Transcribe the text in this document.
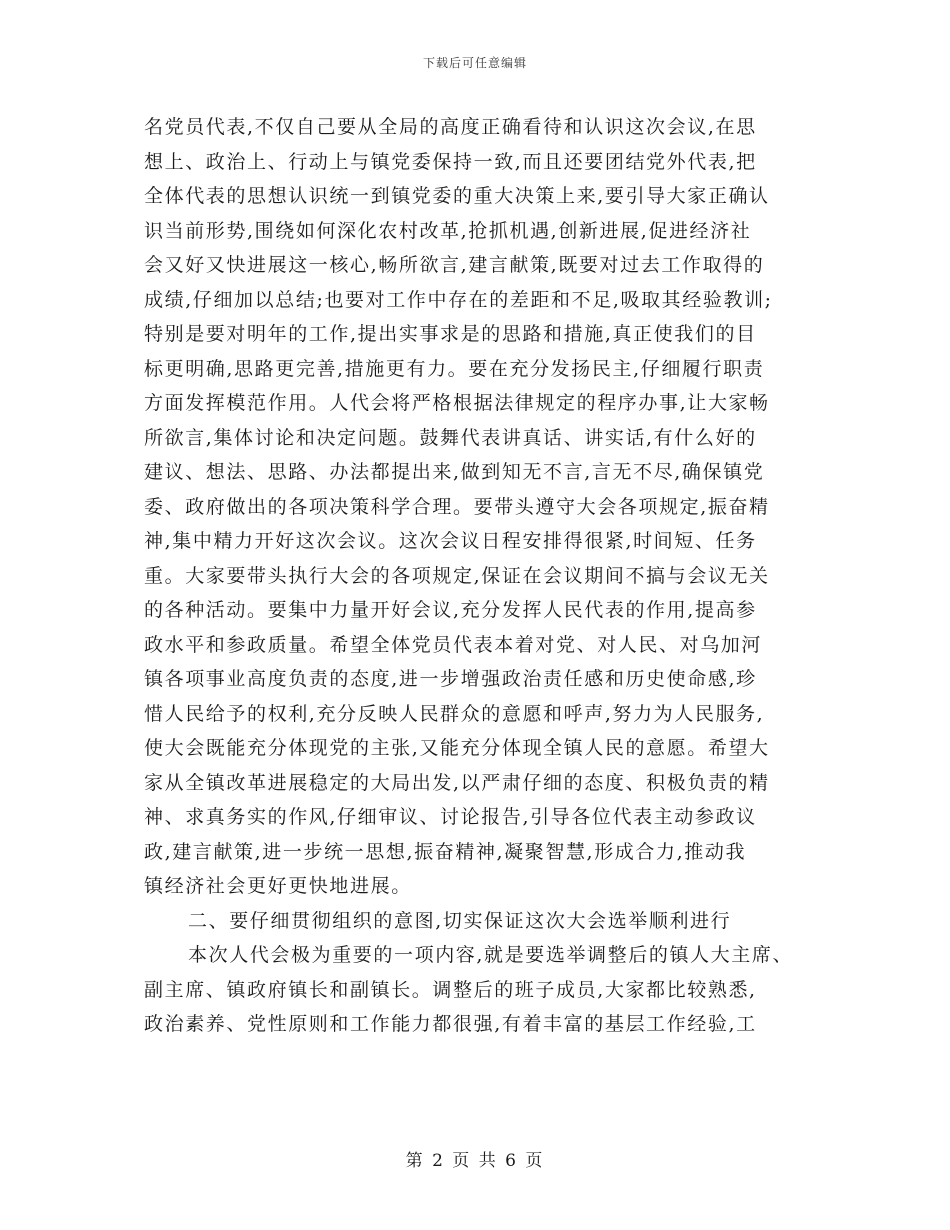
下载后可任意编辑
名党员代表,不仅自己要从全局的高度正确看待和认识这次会议,在思
想上、政治上、行动上与镇党委保持一致,而且还要团结党外代表,把
全体代表的思想认识统一到镇党委的重大决策上来,要引导大家正确认
识当前形势,围绕如何深化农村改革,抢抓机遇,创新进展,促进经济社
会又好又快进展这一核心,畅所欲言,建言献策,既要对过去工作取得的
成绩,仔细加以总结;也要对工作中存在的差距和不足,吸取其经验教训;
特别是要对明年的工作,提出实事求是的思路和措施,真正使我们的目
标更明确,思路更完善,措施更有力。要在充分发扬民主,仔细履行职责
方面发挥模范作用。人代会将严格根据法律规定的程序办事,让大家畅
所欲言,集体讨论和决定问题。鼓舞代表讲真话、讲实话,有什么好的
建议、想法、思路、办法都提出来,做到知无不言,言无不尽,确保镇党
委、政府做出的各项决策科学合理。要带头遵守大会各项规定,振奋精
神,集中精力开好这次会议。这次会议日程安排得很紧,时间短、任务
重。大家要带头执行大会的各项规定,保证在会议期间不搞与会议无关
的各种活动。要集中力量开好会议,充分发挥人民代表的作用,提高参
政水平和参政质量。希望全体党员代表本着对党、对人民、对乌加河
镇各项事业高度负责的态度,进一步增强政治责任感和历史使命感,珍
惜人民给予的权利,充分反映人民群众的意愿和呼声,努力为人民服务,
使大会既能充分体现党的主张,又能充分体现全镇人民的意愿。希望大
家从全镇改革进展稳定的大局出发,以严肃仔细的态度、积极负责的精
神、求真务实的作风,仔细审议、讨论报告,引导各位代表主动参政议
政,建言献策,进一步统一思想,振奋精神,凝聚智慧,形成合力,推动我
镇经济社会更好更快地进展。
二、要仔细贯彻组织的意图,切实保证这次大会选举顺利进行
本次人代会极为重要的一项内容,就是要选举调整后的镇人大主席、
副主席、镇政府镇长和副镇长。调整后的班子成员,大家都比较熟悉,
政治素养、党性原则和工作能力都很强,有着丰富的基层工作经验,工
第 2 页 共 6 页
